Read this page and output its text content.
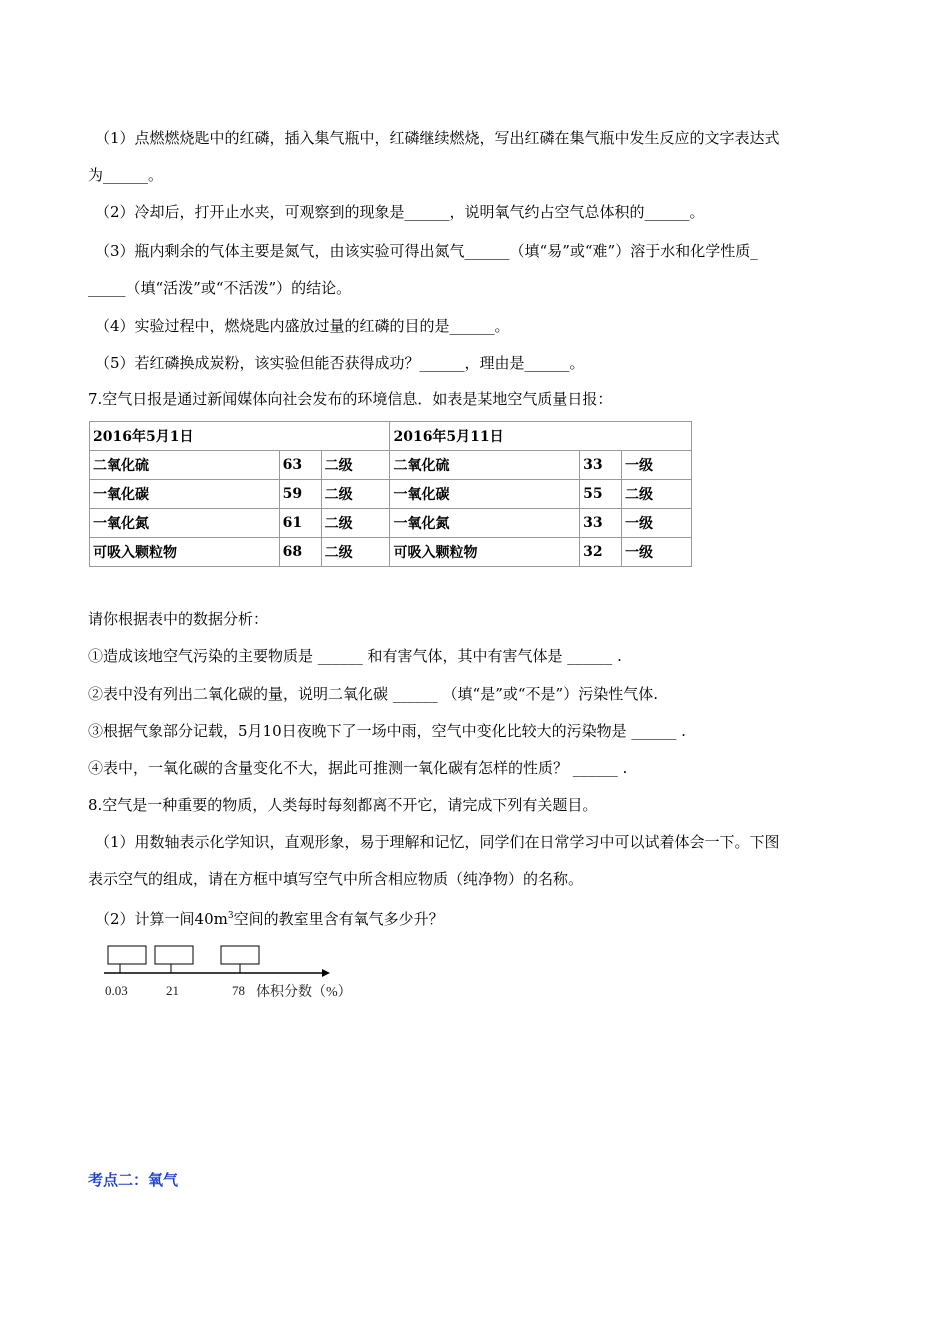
（1）点燃燃烧匙中的红磷，插入集气瓶中，红磷继续燃烧，写出红磷在集气瓶中发生反应的文字表达式
为______。
（2）冷却后，打开止水夹，可观察到的现象是______，说明氧气约占空气总体积的______。
（3）瓶内剩余的气体主要是氮气，由该实验可得出氮气______（填“易”或“难”）溶于水和化学性质_
_____（填“活泼”或“不活泼”）的结论。
（4）实验过程中，燃烧匙内盛放过量的红磷的目的是______。
（5）若红磷换成炭粉，该实验但能否获得成功？______，理由是______。
7.空气日报是通过新闻媒体向社会发布的环境信息．如表是某地空气质量日报：
2016年5月1日			2016年5月11日		
二氧化硫	63	二级	二氧化硫	33	一级
一氧化碳	59	二级	一氧化碳	55	二级
一氧化氮	61	二级	一氧化氮	33	一级
可吸入颗粒物	68	二级	可吸入颗粒物	32	一级
请你根据表中的数据分析：
①造成该地空气污染的主要物质是 ______ 和有害气体，其中有害气体是 ______ .
②表中没有列出二氧化碳的量，说明二氧化碳 ______ （填“是”或“不是”）污染性气体.
③根据气象部分记载，5月10日夜晚下了一场中雨，空气中变化比较大的污染物是 ______ .
④表中，一氧化碳的含量变化不大，据此可推测一氧化碳有怎样的性质？ ______ .
8.空气是一种重要的物质，人类每时每刻都离不开它，请完成下列有关题目。
（1）用数轴表示化学知识，直观形象，易于理解和记忆，同学们在日常学习中可以试着体会一下。下图
表示空气的组成，请在方框中填写空气中所含相应物质（纯净物）的名称。
（2）计算一间$40m^3$空间的教室里含有氧气多少升？
0.03	21	78 体积分数（%）
考点二：氧气
